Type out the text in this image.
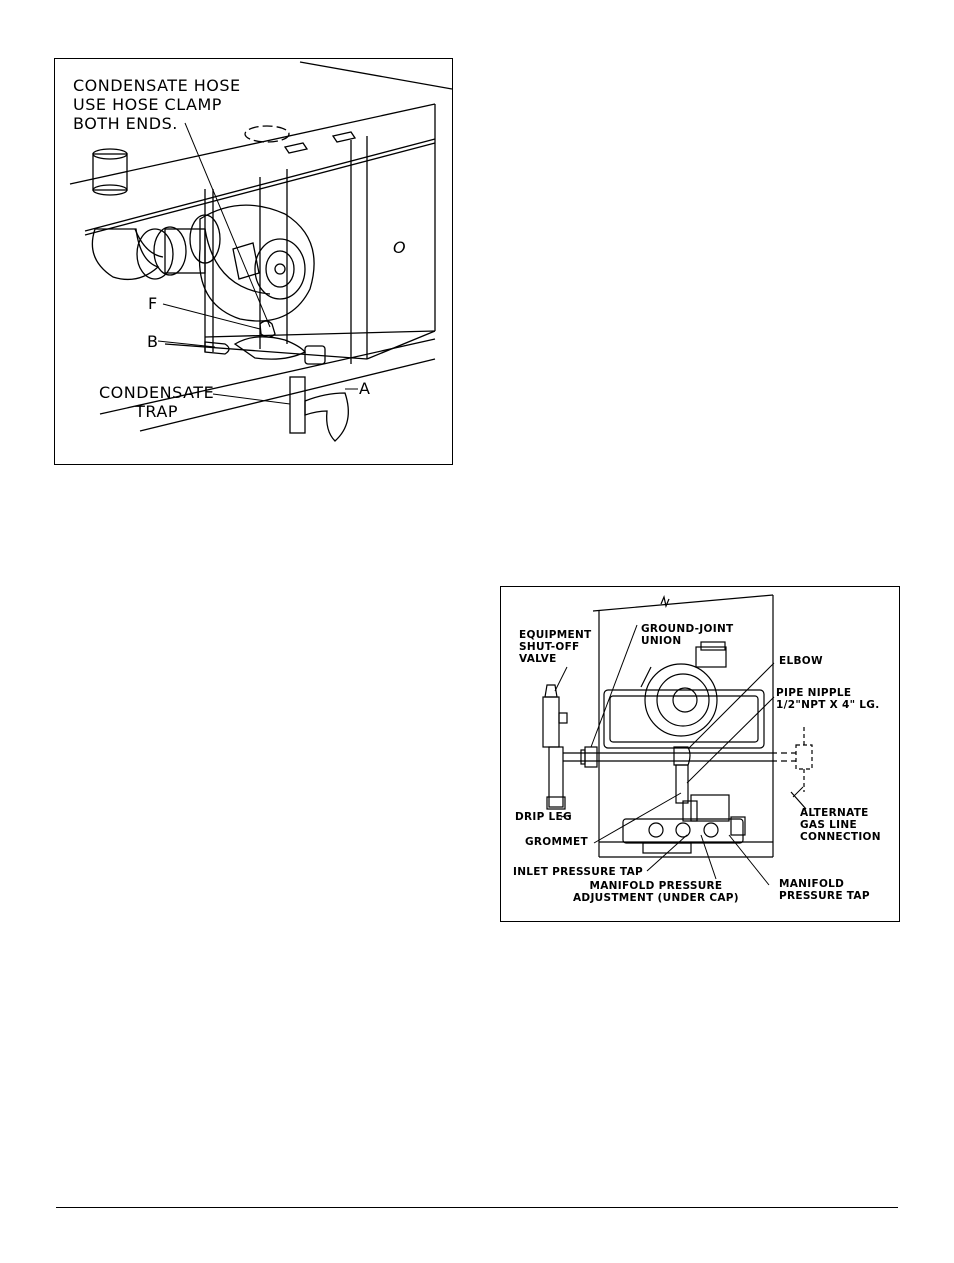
CONDENSATE HOSE
USE HOSE CLAMP
BOTH ENDS.
F
B
CONDENSATE
TRAP
A
O
EQUIPMENT
SHUT-OFF
VALVE
GROUND-JOINT
UNION
ELBOW
PIPE NIPPLE
1/2"NPT X 4" LG.
DRIP LEG
GROMMET
ALTERNATE
GAS LINE
CONNECTION
INLET PRESSURE TAP
MANIFOLD PRESSURE
ADJUSTMENT (UNDER CAP)
MANIFOLD
PRESSURE TAP
